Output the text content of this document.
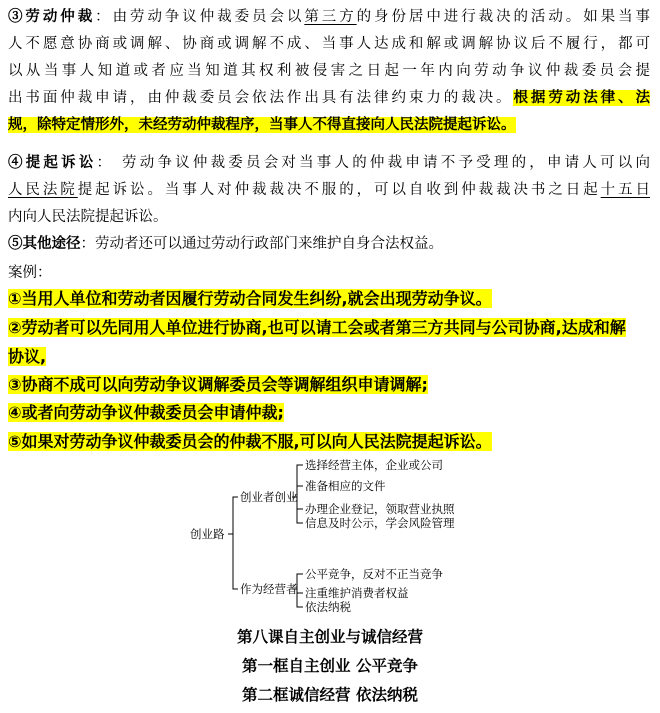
③劳动仲裁：由劳动争议仲裁委员会以第三方的身份居中进行裁决的活动。如果当事
人不愿意协商或调解、协商或调解不成、当事人达成和解或调解协议后不履行，都可
以从当事人知道或者应当知道其权利被侵害之日起一年内向劳动争议仲裁委员会提
出书面仲裁申请，由仲裁委员会依法作出具有法律约束力的裁决。根据劳动法律、法
规，除特定情形外，未经劳动仲裁程序，当事人不得直接向人民法院提起诉讼。
④提起诉讼： 劳动争议仲裁委员会对当事人的仲裁申请不予受理的，申请人可以向
人民法院提起诉讼。当事人对仲裁裁决不服的，可以自收到仲裁裁决书之日起十五日
内向人民法院提起诉讼。
⑤其他途径：劳动者还可以通过劳动行政部门来维护自身合法权益。
案例：
①当用人单位和劳动者因履行劳动合同发生纠纷,就会出现劳动争议。
②劳动者可以先同用人单位进行协商,也可以请工会或者第三方共同与公司协商,达成和解
协议,
③协商不成可以向劳动争议调解委员会等调解组织申请调解;
④或者向劳动争议仲裁委员会申请仲裁;
⑤如果对劳动争议仲裁委员会的仲裁不服,可以向人民法院提起诉讼。
创业路
创业者创业
作为经营者
选择经营主体，企业或公司
准备相应的文件
办理企业登记，领取营业执照
信息及时公示，学会风险管理
公平竞争，反对不正当竞争
注重维护消费者权益
依法纳税
第八课自主创业与诚信经营
第一框自主创业 公平竞争
第二框诚信经营 依法纳税
